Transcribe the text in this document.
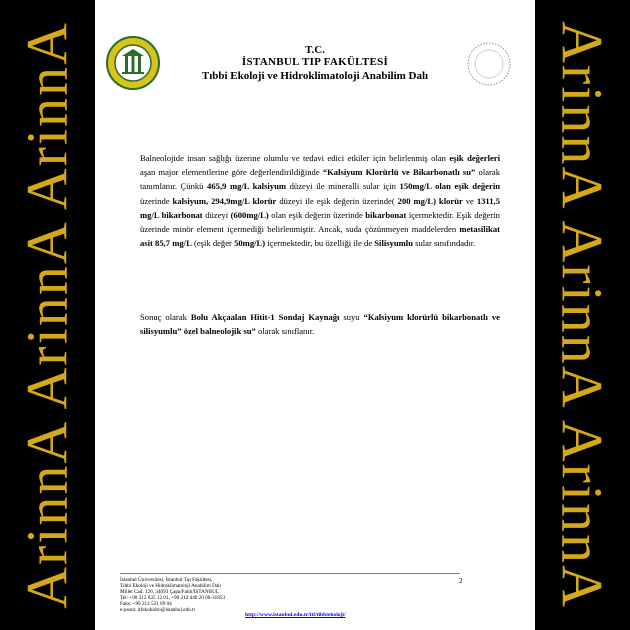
ArinnA ArinnA ArinnA	ArinnA ArinnA ArinnA
T.C.
İSTANBUL TIP FAKÜLTESİ
Tıbbi Ekoloji ve Hidroklimatoloji Anabilim Dalı
Balneolojide insan sağlığı üzerine olumlu ve tedavi edici etkiler için belirlenmiş olan eşik değerleri aşan major elementlerine göre değerlendirildiğinde “Kalsiyum Klorürlü ve Bikarbonatlı su” olarak tanımlanır. Çünkü 465,9 mg/L kalsiyum düzeyi ile mineralli sular için 150mg/L olan eşik değerin üzerinde kalsiyum, 294,9mg/L klorür düzeyi ile eşik değerin üzerinde( 200 mg/L) klorür ve 1311,5 mg/L bikarbonat düzeyi (600mg/L) olan eşik değerin üzerinde bikarbonat içermektedir. Eşik değerin üzerinde minör element içermediği belirlenmiştir. Ancak, suda çözünmeyen maddelerden metasilikat asit 85,7 mg/L (eşik değer 50mg/L) içermektedir, bu özelliği ile de Silisyumlu sular sınıfındadır.
Sonuç olarak Bolu Akçaalan Hitit-1 Sondaj Kaynağı suyu “Kalsiyum klorürlü bikarbonatlı ve silisyumlu” özel balneolojik su” olarak sınıflanır.
İstanbul Üniversitesi, İstanbul Tıp Fakültesi,
Tıbbi Ekoloji ve Hidroklimatoloji Anabilim Dalı
Millet Cad. 126, 34093 Çapa/Fatih/İSTANBUL
Tel: +90 212 635 12 01, +90 212 440 20 00-31853
Faks: +90 212 531 89 04
e-posta: itfekohidro@istanbul.edu.tr
2
http://www.istanbul.edu.tr/itf/tibbiekoloji/
